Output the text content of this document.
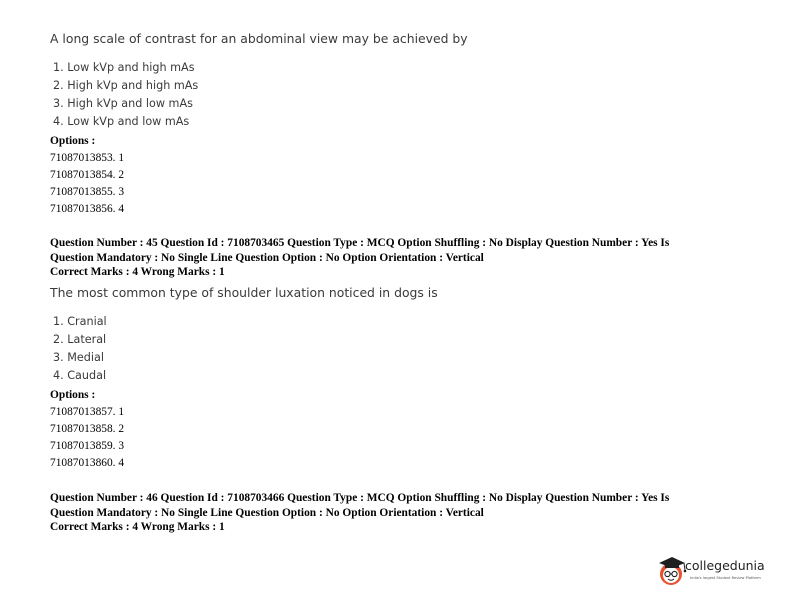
A long scale of contrast for an abdominal view may be achieved by

1. Low kVp and high mAs
2. High kVp and high mAs
3. High kVp and low mAs
4. Low kVp and low mAs
Options :
71087013853. 1
71087013854. 2
71087013855. 3
71087013856. 4
Question Number : 45 Question Id : 7108703465 Question Type : MCQ Option Shuffling : No Display Question Number : Yes Is
Question Mandatory : No Single Line Question Option : No Option Orientation : Vertical
Correct Marks : 4 Wrong Marks : 1

The most common type of shoulder luxation noticed in dogs is

1. Cranial
2. Lateral
3. Medial
4. Caudal
Options :
71087013857. 1
71087013858. 2
71087013859. 3
71087013860. 4
Question Number : 46 Question Id : 7108703466 Question Type : MCQ Option Shuffling : No Display Question Number : Yes Is
Question Mandatory : No Single Line Question Option : No Option Orientation : Vertical
Correct Marks : 4 Wrong Marks : 1
collegedunia
India's largest Student Review Platform
